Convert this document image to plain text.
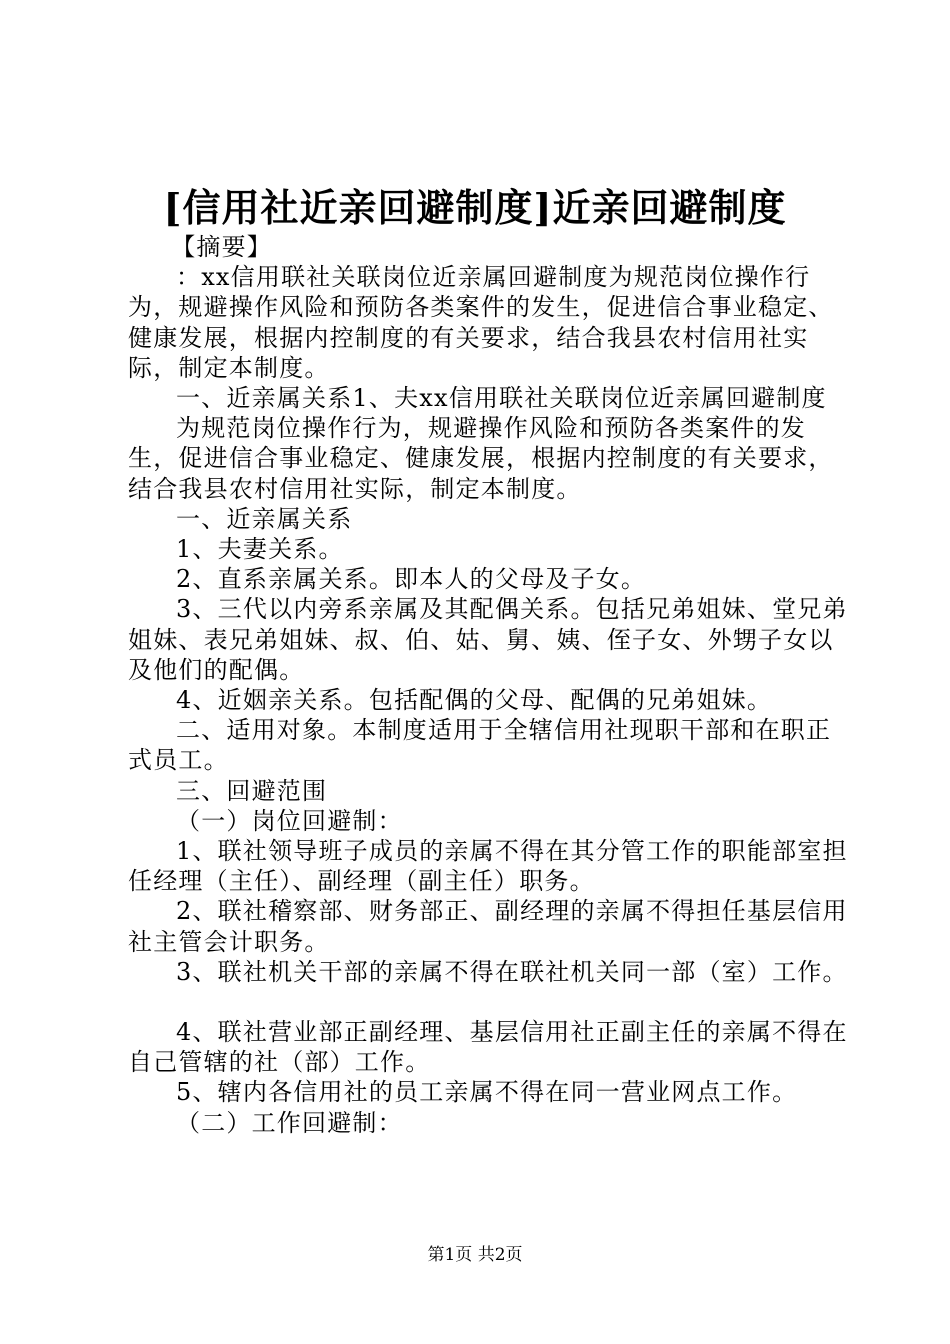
[信用社近亲回避制度]近亲回避制度

【摘要】

：xx信用联社关联岗位近亲属回避制度为规范岗位操作行为，规避操作风险和预防各类案件的发生，促进信合事业稳定、健康发展，根据内控制度的有关要求，结合我县农村信用社实际，制定本制度。

一、近亲属关系1、夫xx信用联社关联岗位近亲属回避制度

为规范岗位操作行为，规避操作风险和预防各类案件的发生，促进信合事业稳定、健康发展，根据内控制度的有关要求，结合我县农村信用社实际，制定本制度。

一、近亲属关系

1、夫妻关系。

2、直系亲属关系。即本人的父母及子女。

3、三代以内旁系亲属及其配偶关系。包括兄弟姐妹、堂兄弟姐妹、表兄弟姐妹、叔、伯、姑、舅、姨、侄子女、外甥子女以及他们的配偶。

4、近姻亲关系。包括配偶的父母、配偶的兄弟姐妹。

二、适用对象。本制度适用于全辖信用社现职干部和在职正式员工。

三、回避范围

（一）岗位回避制：

1、联社领导班子成员的亲属不得在其分管工作的职能部室担任经理（主任）、副经理（副主任）职务。

2、联社稽察部、财务部正、副经理的亲属不得担任基层信用社主管会计职务。

3、联社机关干部的亲属不得在联社机关同一部（室）工作。

4、联社营业部正副经理、基层信用社正副主任的亲属不得在自己管辖的社（部）工作。

5、辖内各信用社的员工亲属不得在同一营业网点工作。

（二）工作回避制：

第1页 共2页
